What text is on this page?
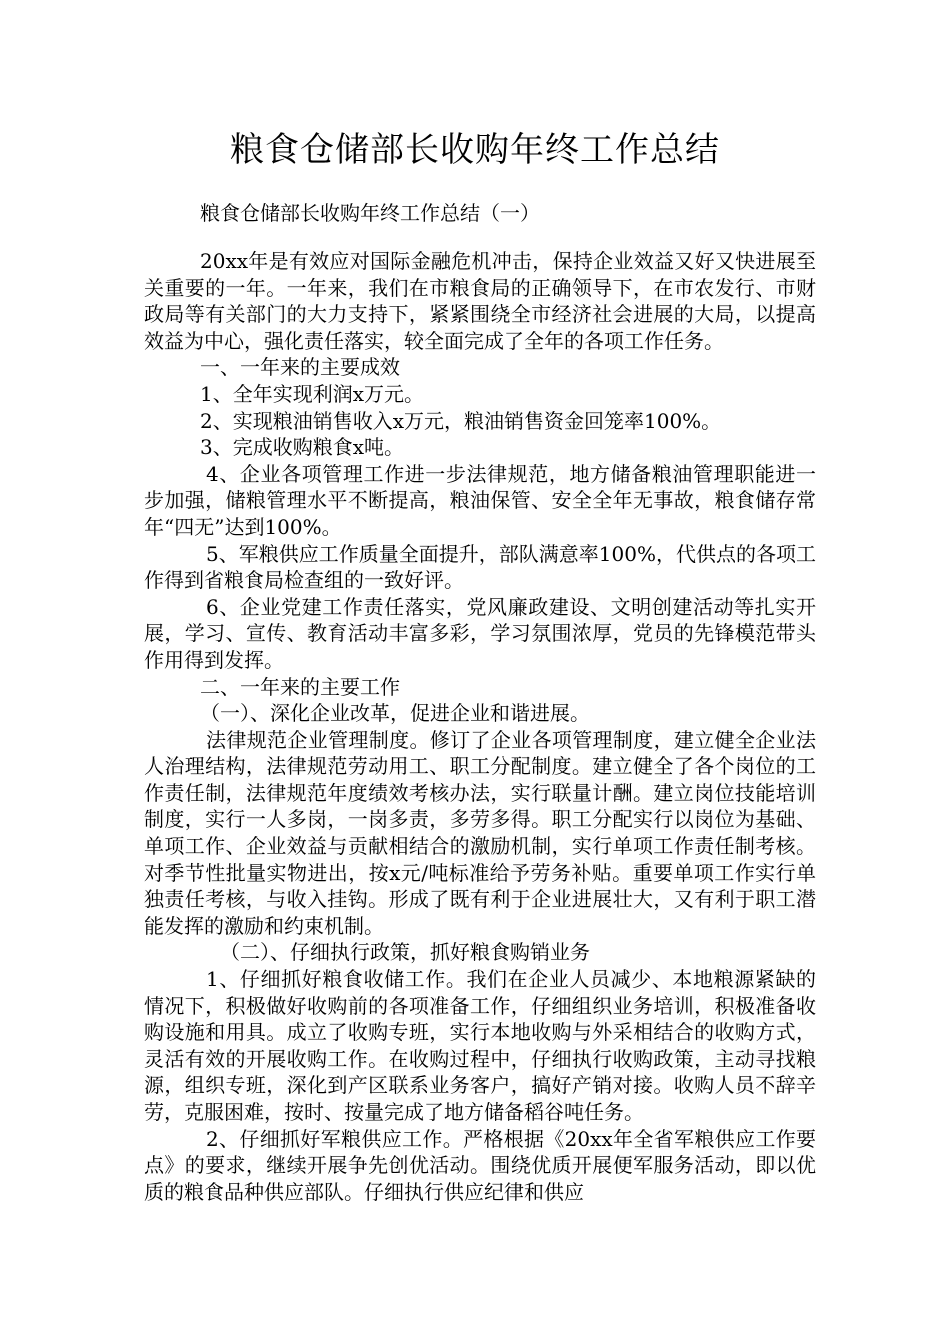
粮食仓储部长收购年终工作总结
粮食仓储部长收购年终工作总结（一）

20xx年是有效应对国际金融危机冲击，保持企业效益又好又快进展至关重要的一年。一年来，我们在市粮食局的正确领导下，在市农发行、市财政局等有关部门的大力支持下，紧紧围绕全市经济社会进展的大局，以提高效益为中心，强化责任落实，较全面完成了全年的各项工作任务。

一、一年来的主要成效

1、全年实现利润x万元。

2、实现粮油销售收入x万元，粮油销售资金回笼率100%。

3、完成收购粮食x吨。

4、企业各项管理工作进一步法律规范，地方储备粮油管理职能进一步加强，储粮管理水平不断提高，粮油保管、安全全年无事故，粮食储存常年“四无”达到100%。

5、军粮供应工作质量全面提升，部队满意率100%，代供点的各项工作得到省粮食局检查组的一致好评。

6、企业党建工作责任落实，党风廉政建设、文明创建活动等扎实开展，学习、宣传、教育活动丰富多彩，学习氛围浓厚，党员的先锋模范带头作用得到发挥。

二、一年来的主要工作

（一）、深化企业改革，促进企业和谐进展。

法律规范企业管理制度。修订了企业各项管理制度，建立健全企业法人治理结构，法律规范劳动用工、职工分配制度。建立健全了各个岗位的工作责任制，法律规范年度绩效考核办法，实行联量计酬。建立岗位技能培训制度，实行一人多岗，一岗多责，多劳多得。职工分配实行以岗位为基础、单项工作、企业效益与贡献相结合的激励机制，实行单项工作责任制考核。对季节性批量实物进出，按x元/吨标准给予劳务补贴。重要单项工作实行单独责任考核，与收入挂钩。形成了既有利于企业进展壮大，又有利于职工潜能发挥的激励和约束机制。

（二）、仔细执行政策，抓好粮食购销业务

1、仔细抓好粮食收储工作。我们在企业人员减少、本地粮源紧缺的情况下，积极做好收购前的各项准备工作，仔细组织业务培训，积极准备收购设施和用具。成立了收购专班，实行本地收购与外采相结合的收购方式，灵活有效的开展收购工作。在收购过程中，仔细执行收购政策，主动寻找粮源，组织专班，深化到产区联系业务客户，搞好产销对接。收购人员不辞辛劳，克服困难，按时、按量完成了地方储备稻谷吨任务。

2、仔细抓好军粮供应工作。严格根据《20xx年全省军粮供应工作要点》的要求，继续开展争先创优活动。围绕优质开展便军服务活动，即以优质的粮食品种供应部队。仔细执行供应纪律和供应
